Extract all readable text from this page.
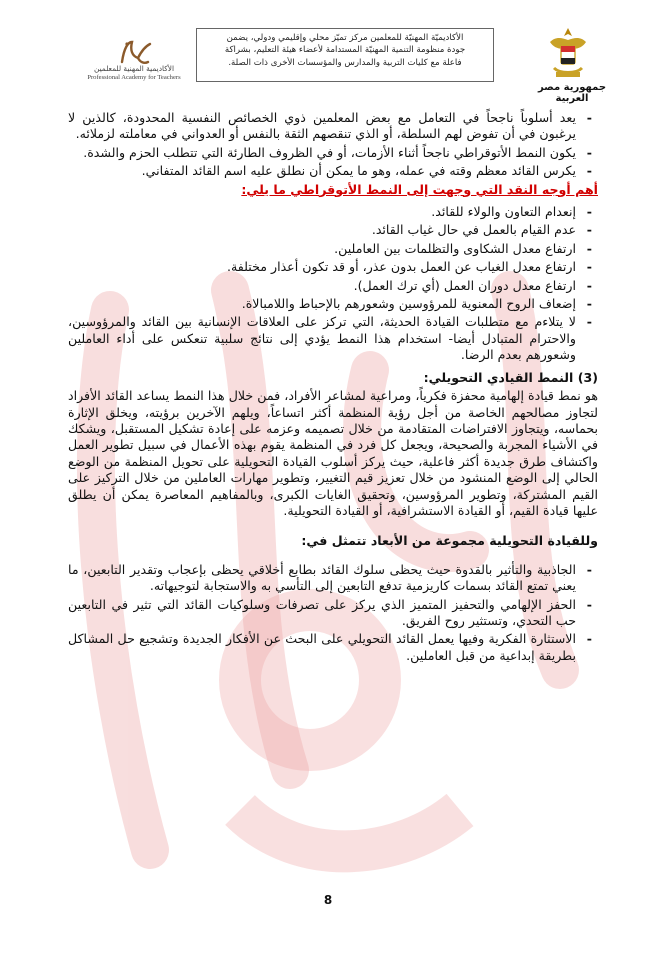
جمهورية مصر العربية
الأكاديميّة المهنيّة للمعلمين مركز تميّز محلي وإقليمي ودولي، يضمن
جودة منظومة التنمية المهنيّة المستدامة لأعضاء هيئة التعليم، بشراكة
فاعلة مع كليات التربية والمدارس والمؤسسات الأخرى ذات الصلة.
الأكاديمية المهنية للمعلمين
Professional Academy for Teachers
- يعد أسلوباً ناجحاً في التعامل مع بعض المعلمين ذوي الخصائص النفسية المحدودة، كالذين لا يرغبون في أن تفوض لهم السلطة، أو الذي تنقصهم الثقة بالنفس أو العدواني في معاملته لزملائه.
- يكون النمط الأتوقراطي ناجحاً أثناء الأزمات، أو في الظروف الطارئة التي تتطلب الحزم والشدة.
- يكرس القائد معظم وقته في عمله، وهو ما يمكن أن نطلق عليه اسم القائد المتفاني.
أهم أوجه النقد التي وجهت إلى النمط الأتوقراطي ما يلي:
- إنعدام التعاون والولاء للقائد.
- عدم القيام بالعمل في حال غياب القائد.
- ارتفاع معدل الشكاوى والتظلمات بين العاملين.
- ارتفاع معدل الغياب عن العمل بدون عذر، أو قد تكون أعذار مختلفة.
- ارتفاع معدل دوران العمل (أي ترك العمل).
- إضعاف الروح المعنوية للمرؤوسين وشعورهم بالإحباط واللامبالاة.
- لا يتلاءم مع متطلبات القيادة الحديثة، التي تركز على العلاقات الإنسانية بين القائد والمرؤوسين، والاحترام المتبادل أيضا- استخدام هذا النمط يؤدي إلى نتائج سلبية تنعكس على أداء العاملين وشعورهم بعدم الرضا.
(3) النمط القيادي التحويلي:
هو نمط قيادة إلهامية محفزة فكرياً، ومراعية لمشاعر الأفراد، فمن خلال هذا النمط يساعد القائد الأفراد لتجاوز مصالحهم الخاصة من أجل رؤية المنظمة أكثر اتساعاً، ويلهم الآخرين برؤيته، ويخلق الإثارة بحماسه، ويتجاوز الافتراضات المتقادمة من خلال تصميمه وعزمه على إعادة تشكيل المستقبل، ويشكك في الأشياء المجربة والصحيحة، ويجعل كل فرد في المنظمة يقوم بهذه الأعمال في سبيل تطوير العمل واكتشاف طرق جديدة أكثر فاعلية، حيث يركز أسلوب القيادة التحويلية على تحويل المنظمة من الوضع الحالي إلى الوضع المنشود من خلال تعزيز قيم التغيير، وتطوير مهارات العاملين من خلال التركيز على القيم المشتركة، وتطوير المرؤوسين، وتحقيق الغايات الكبرى، وبالمفاهيم المعاصرة يمكن أن يطلق عليها قيادة القيم، أو القيادة الاستشرافية، أو القيادة التحويلية.
وللقيادة التحويلية مجموعة من الأبعاد تتمثل في:
- الجاذبية والتأثير بالقدوة حيث يحظى سلوك القائد بطابع أخلاقي يحظى بإعجاب وتقدير التابعين، ما يعني تمتع القائد بسمات كاريزمية تدفع التابعين إلى التأسي به والاستجابة لتوجيهاته.
- الحفز الإلهامي والتحفيز المتميز الذي يركز على تصرفات وسلوكيات القائد التي تثير في التابعين حب التحدي، وتستثير روح الفريق.
- الاستثارة الفكرية وفيها يعمل القائد التحويلي على البحث عن الأفكار الجديدة وتشجيع حل المشاكل بطريقة إبداعية من قبل العاملين.
8
